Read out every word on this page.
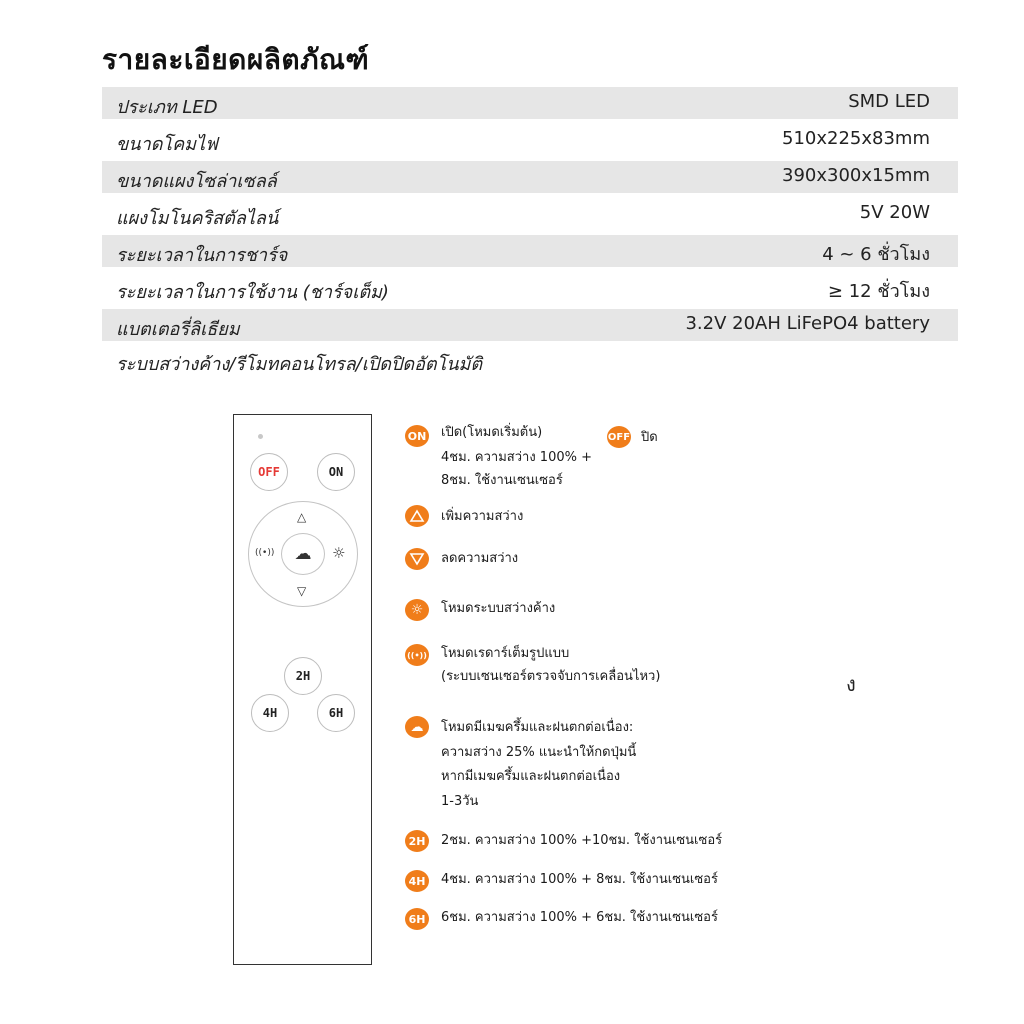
รายละเอียดผลิตภัณฑ์
ประเภท LED	SMD LED
ขนาดโคมไฟ	510x225x83mm
ขนาดแผงโซล่าเซลล์	390x300x15mm
แผงโมโนคริสตัลไลน์	5V 20W
ระยะเวลาในการชาร์จ	4 ~ 6 ชั่วโมง
ระยะเวลาในการใช้งาน (ชาร์จเต็ม)	≥ 12 ชั่วโมง
แบตเตอรี่ลิเธียม	3.2V 20AH LiFePO4 battery
ระบบสว่างค้าง/รีโมทคอนโทรล/เปิดปิดอัตโนมัติ
OFF	ON
△
▽
((•))	☼
☁
2H
4H	6H
ON เปิด(โหมดเริ่มต้น)
4ชม. ความสว่าง 100% +
8ชม. ใช้งานเซนเซอร์
OFF ปิด
เพิ่มความสว่าง
ลดความสว่าง
☼	โหมดระบบสว่างค้าง
((•)) โหมดเรดาร์เต็มรูปแบบ
(ระบบเซนเซอร์ตรวจจับการเคลื่อนไหว)	ง
☁	โหมดมีเมฆครึ้มและฝนตกต่อเนื่อง:
ความสว่าง 25% แนะนำให้กดปุ่มนี้
หากมีเมฆครึ้มและฝนตกต่อเนื่อง
1-3วัน
2H 2ชม. ความสว่าง 100% +10ชม. ใช้งานเซนเซอร์
4H 4ชม. ความสว่าง 100% + 8ชม. ใช้งานเซนเซอร์
6H 6ชม. ความสว่าง 100% + 6ชม. ใช้งานเซนเซอร์
